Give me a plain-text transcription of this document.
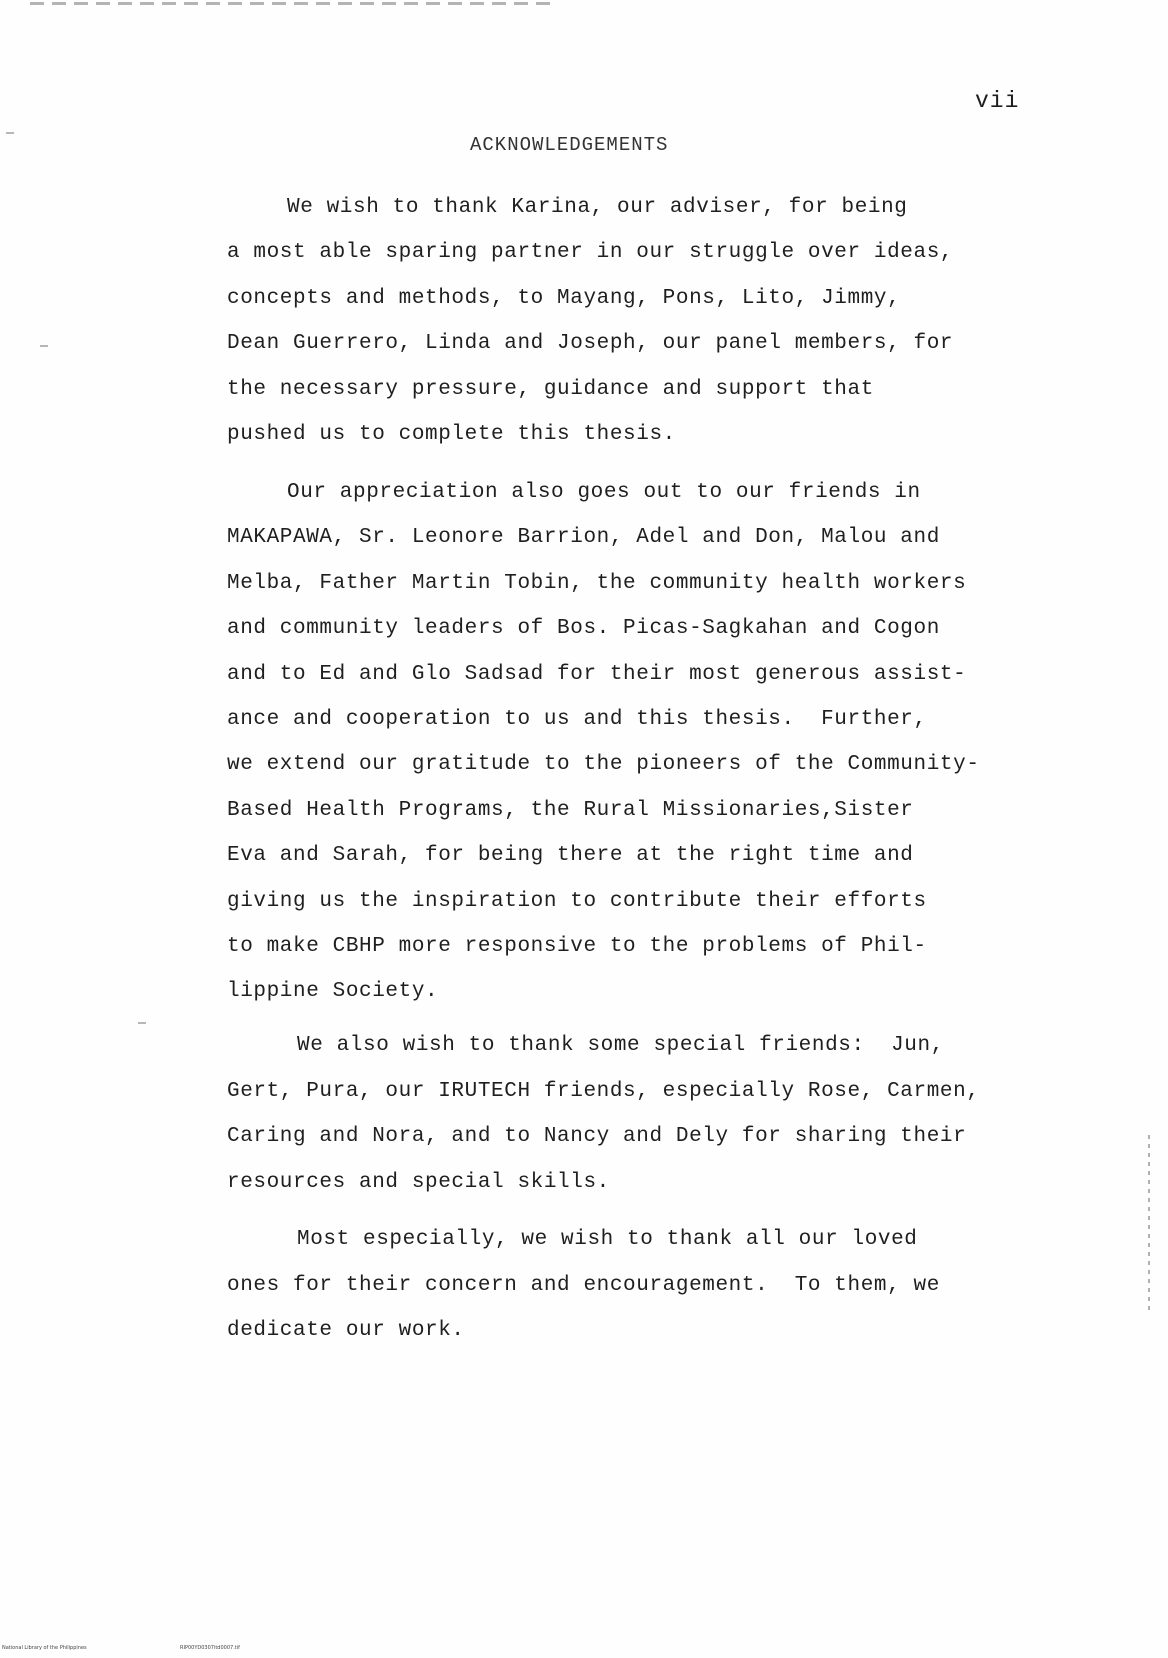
vii
ACKNOWLEDGEMENTS
We wish to thank Karina, our adviser, for being
a most able sparing partner in our struggle over ideas,
concepts and methods, to Mayang, Pons, Lito, Jimmy,
Dean Guerrero, Linda and Joseph, our panel members, for
the necessary pressure, guidance and support that
pushed us to complete this thesis.
Our appreciation also goes out to our friends in
MAKAPAWA, Sr. Leonore Barrion, Adel and Don, Malou and
Melba, Father Martin Tobin, the community health workers
and community leaders of Bos. Picas-Sagkahan and Cogon
and to Ed and Glo Sadsad for their most generous assist-
ance and cooperation to us and this thesis.  Further,
we extend our gratitude to the pioneers of the Community-
Based Health Programs, the Rural Missionaries,Sister
Eva and Sarah, for being there at the right time and
giving us the inspiration to contribute their efforts
to make CBHP more responsive to the problems of Phil-
lippine Society.
We also wish to thank some special friends:  Jun,
Gert, Pura, our IRUTECH friends, especially Rose, Carmen,
Caring and Nora, and to Nancy and Dely for sharing their
resources and special skills.
Most especially, we wish to thank all our loved
ones for their concern and encouragement.  To them, we
dedicate our work.
National Library of the Philippines	RIP00YD0307itd0007.tif
